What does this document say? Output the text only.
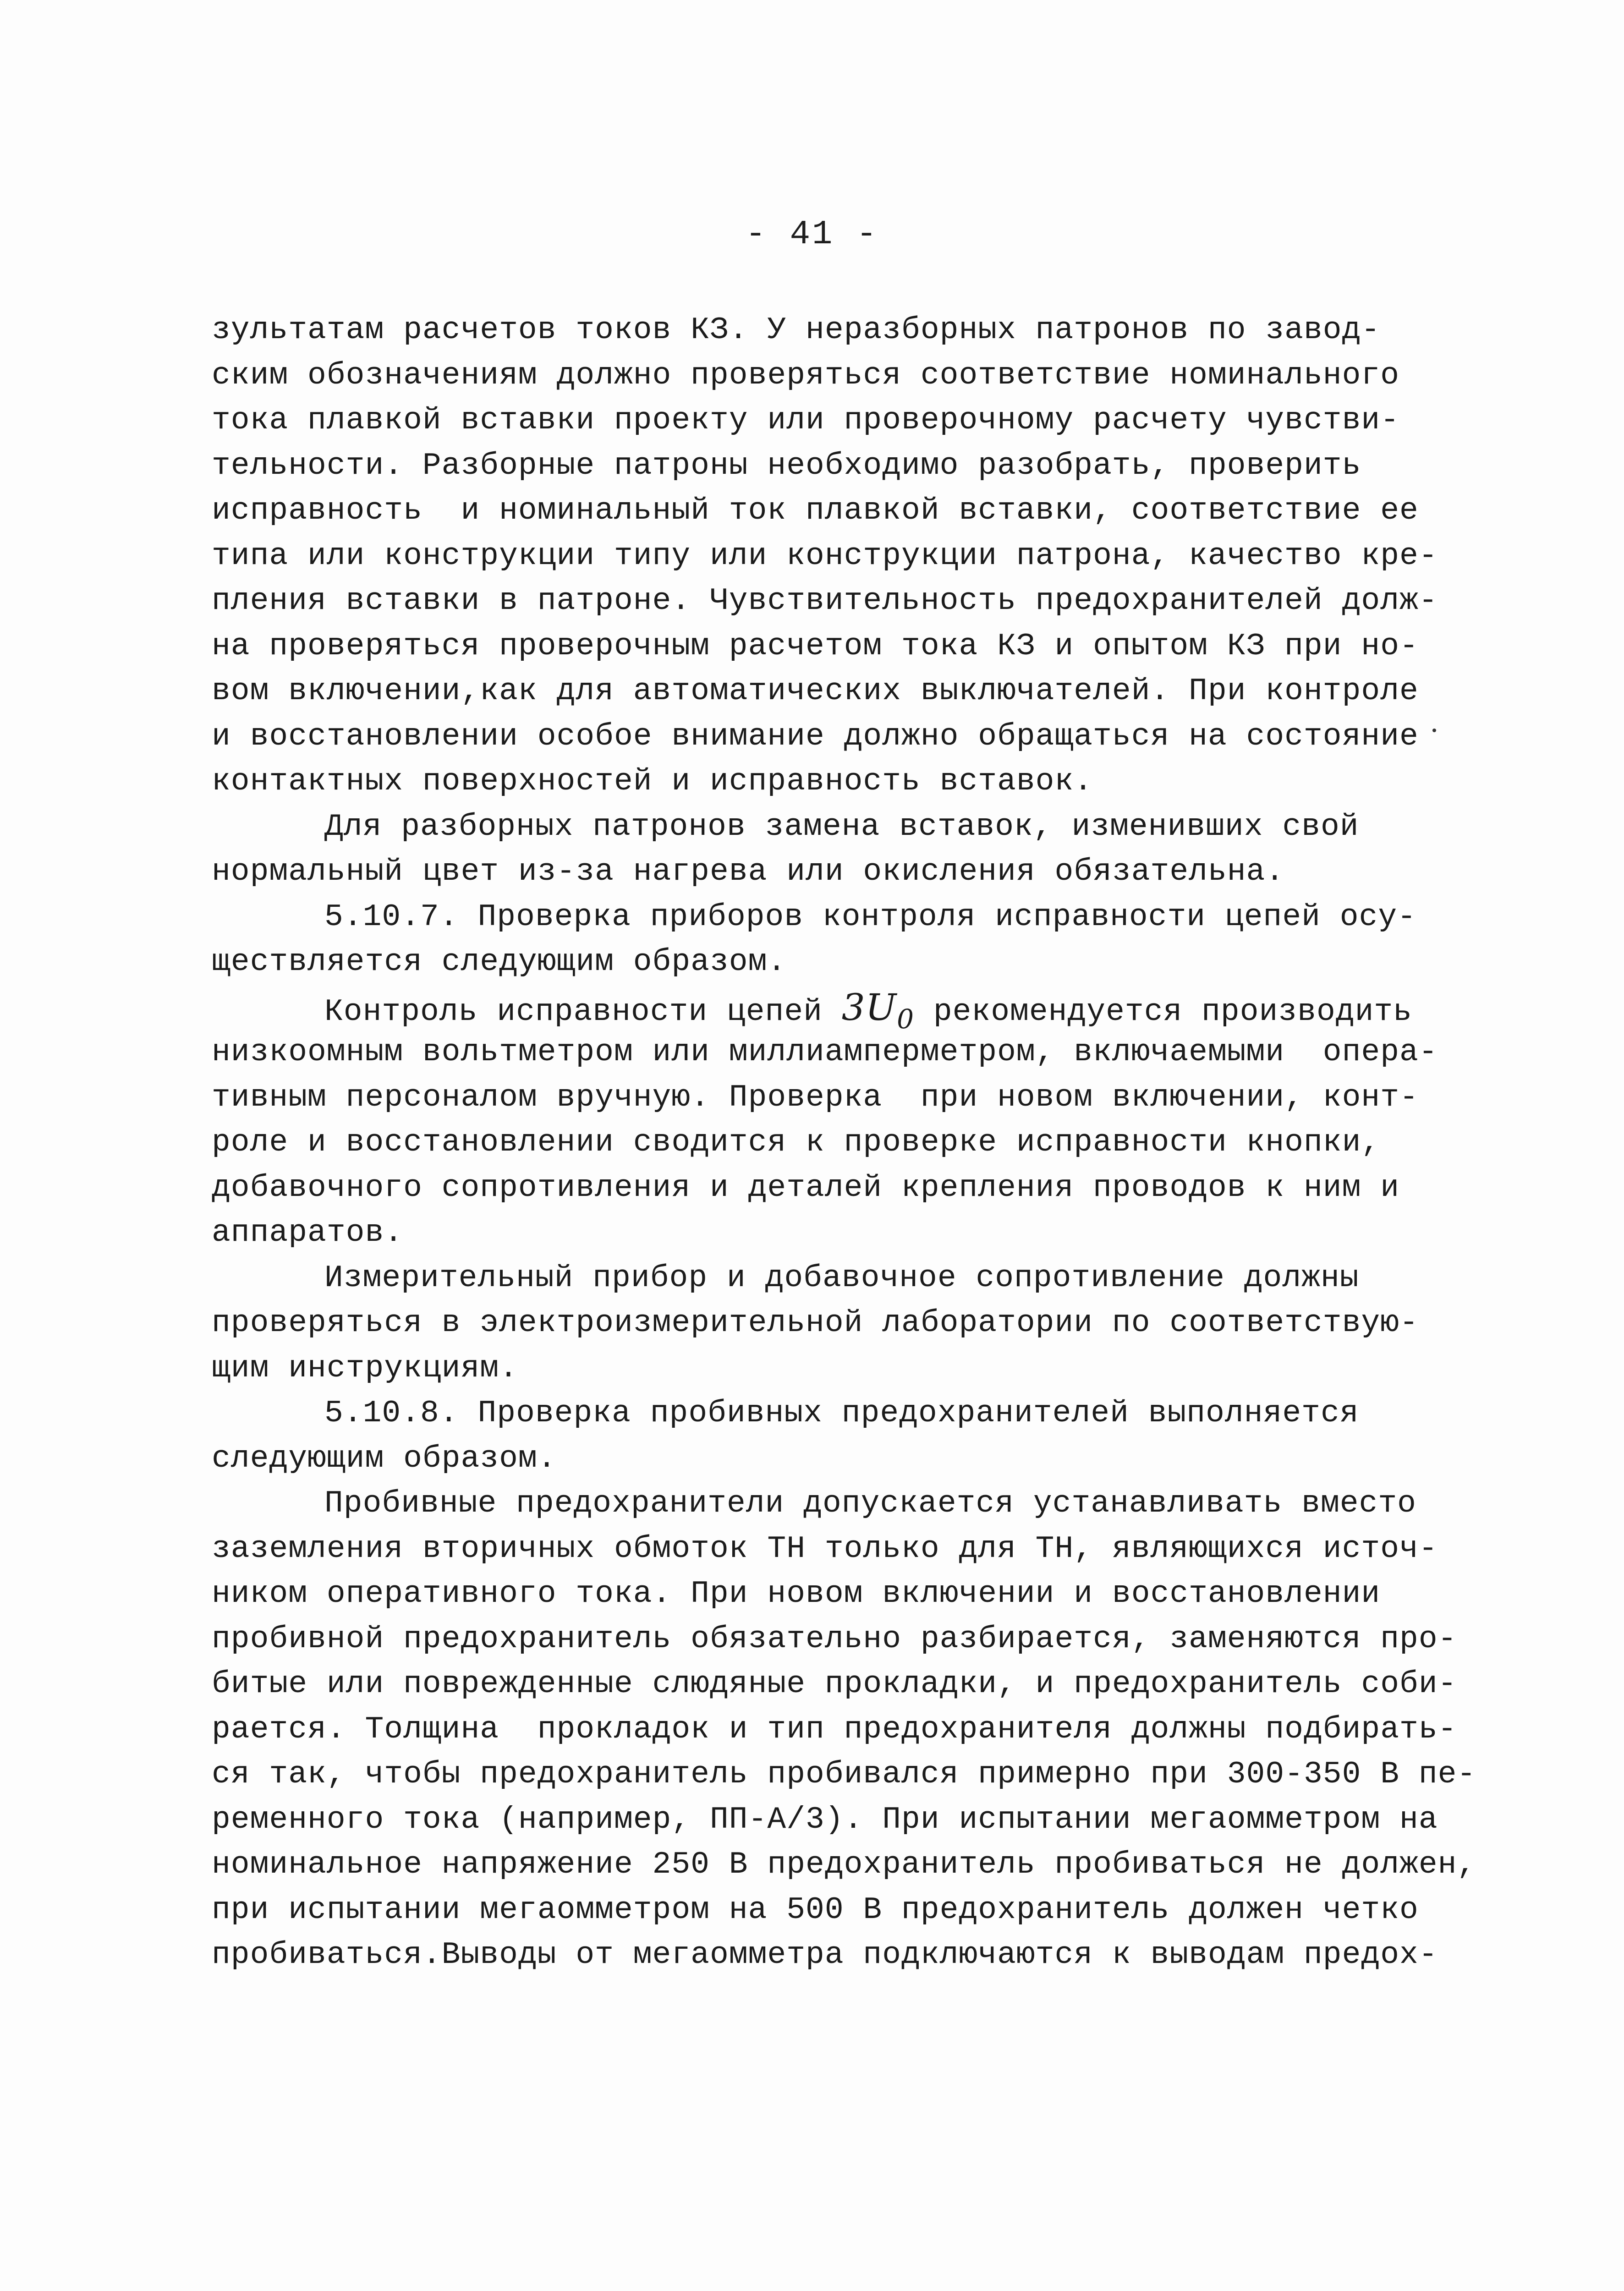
- 41 -
зультатам расчетов токов КЗ. У неразборных патронов по завод-
ским обозначениям должно проверяться соответствие номинального
тока плавкой вставки проекту или проверочному расчету чувстви-
тельности. Разборные патроны необходимо разобрать, проверить
исправность  и номинальный ток плавкой вставки, соответствие ее
типа или конструкции типу или конструкции патрона, качество кре-
пления вставки в патроне. Чувствительность предохранителей долж-
на проверяться проверочным расчетом тока КЗ и опытом КЗ при но-
вом включении,как для автоматических выключателей. При контроле
и восстановлении особое внимание должно обращаться на состояние
контактных поверхностей и исправность вставок.
Для разборных патронов замена вставок, изменивших свой
нормальный цвет из-за нагрева или окисления обязательна.
5.10.7. Проверка приборов контроля исправности цепей осу-
ществляется следующим образом.
Контроль исправности цепей $3U_0$ рекомендуется производить
низкоомным вольтметром или миллиамперметром, включаемыми  опера-
тивным персоналом вручную. Проверка  при новом включении, конт-
роле и восстановлении сводится к проверке исправности кнопки,
добавочного сопротивления и деталей крепления проводов к ним и
аппаратов.
Измерительный прибор и добавочное сопротивление должны
проверяться в электроизмерительной лаборатории по соответствую-
щим инструкциям.
5.10.8. Проверка пробивных предохранителей выполняется
следующим образом.
Пробивные предохранители допускается устанавливать вместо
заземления вторичных обмоток ТН только для ТН, являющихся источ-
ником оперативного тока. При новом включении и восстановлении
пробивной предохранитель обязательно разбирается, заменяются про-
битые или поврежденные слюдяные прокладки, и предохранитель соби-
рается. Толщина  прокладок и тип предохранителя должны подбирать-
ся так, чтобы предохранитель пробивался примерно при 300-350 В пе-
ременного тока (например, ПП-А/3). При испытании мегаомметром на
номинальное напряжение 250 В предохранитель пробиваться не должен,
при испытании мегаомметром на 500 В предохранитель должен четко
пробиваться.Выводы от мегаомметра подключаются к выводам предох-
